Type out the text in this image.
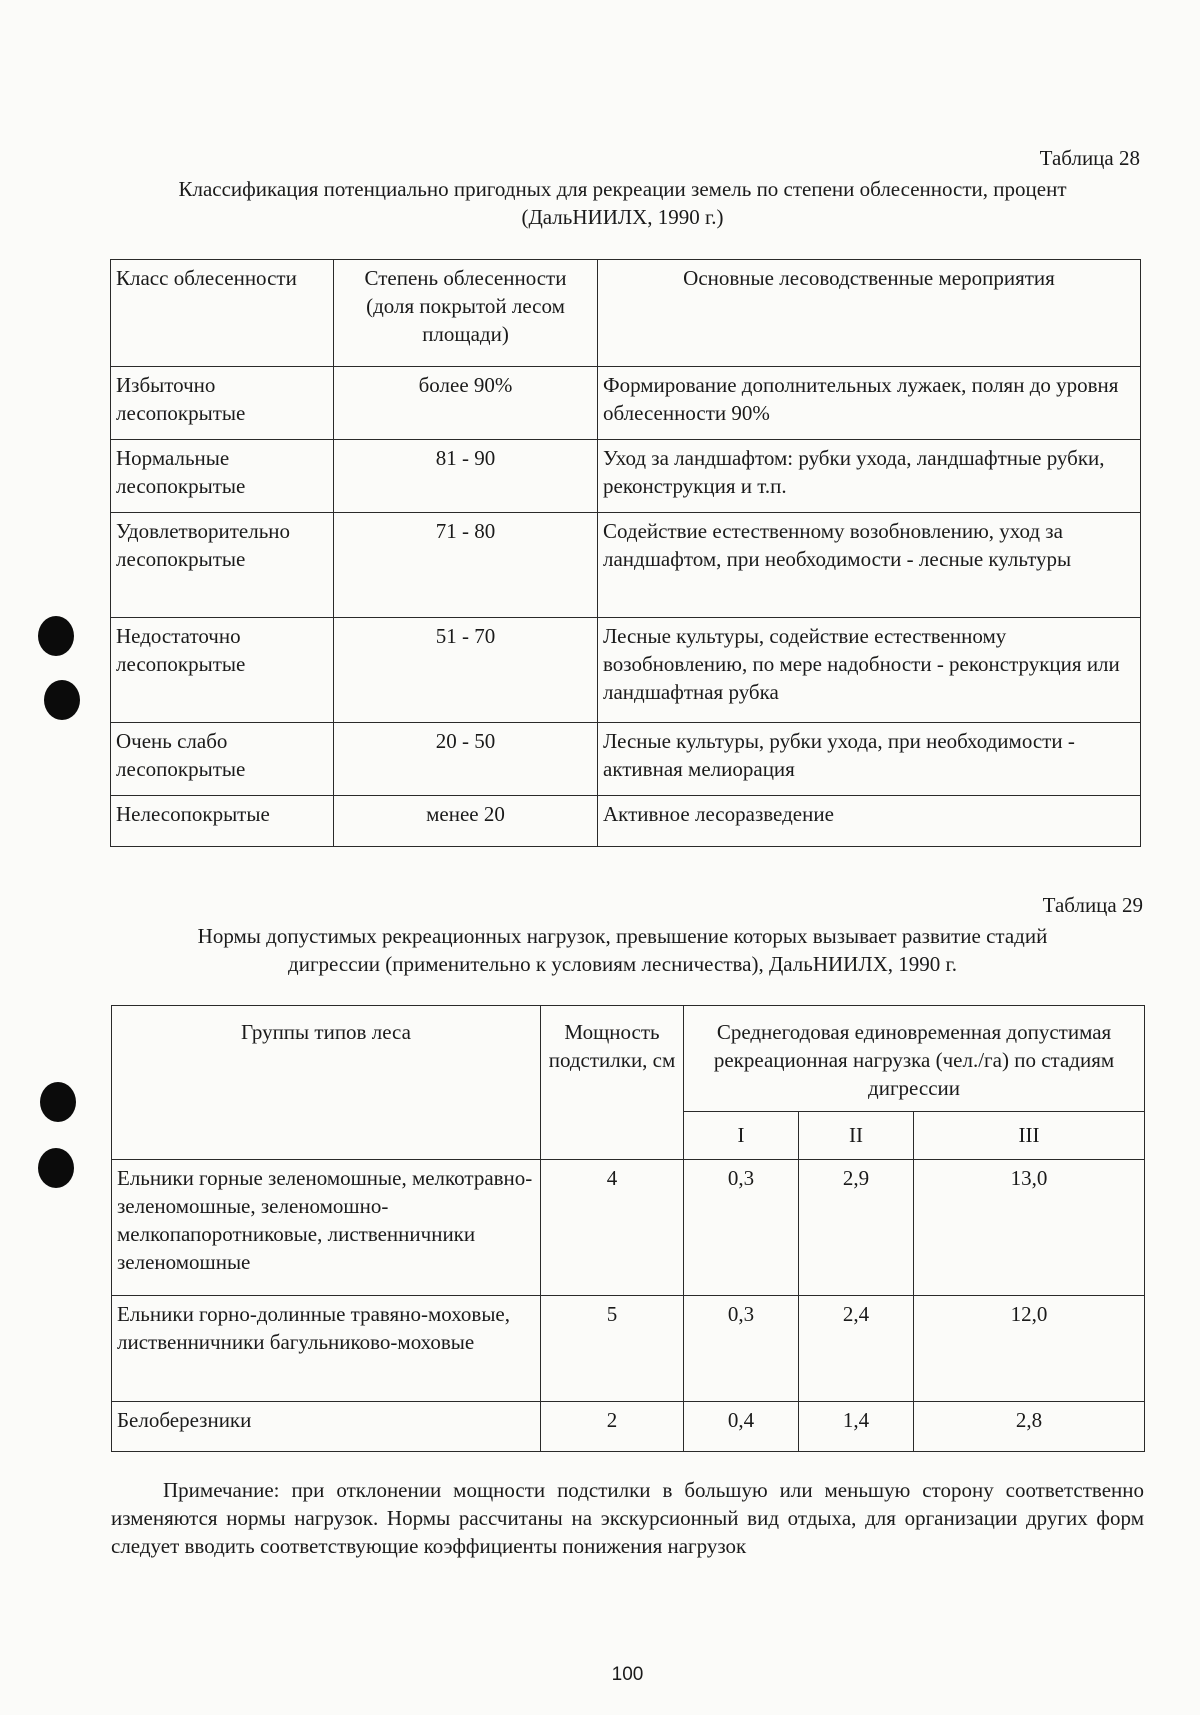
Таблица 28
Классификация потенциально пригодных для рекреации земель по степени облесенности, процент
(ДальНИИЛХ, 1990 г.)
Класс облесенности	Степень облесенности (доля покрытой лесом площади)	Основные лесоводственные мероприятия
Избыточно лесопокрытые	более 90%	Формирование дополнительных лужаек, полян до уровня облесенности 90%
Нормальные лесопокрытые	81 - 90	Уход за ландшафтом: рубки ухода, ландшафтные рубки, реконструкция и т.п.
Удовлетворительно лесопокрытые	71 - 80	Содействие естественному возобновлению, уход за ландшафтом, при необходимости - лесные культуры
Недостаточно лесопокрытые	51 - 70	Лесные культуры, содействие естественному возобновлению, по мере надобности - реконструкция или ландшафтная рубка
Очень слабо лесопокрытые	20 - 50	Лесные культуры, рубки ухода, при необходимости - активная мелиорация
Нелесопокрытые	менее 20	Активное лесоразведение
Таблица 29
Нормы допустимых рекреационных нагрузок, превышение которых вызывает развитие стадий
дигрессии (применительно к условиям лесничества), ДальНИИЛХ, 1990 г.
Группы типов леса	Мощность подстилки, см	Среднегодовая единовременная допустимая рекреационная нагрузка (чел./га) по стадиям дигрессии		
		I	II	III
Ельники горные зеленомошные, мелкотравно-зеленомошные, зеленомошно-мелкопапоротниковые, лиственничники зеленомошные	4	0,3	2,9	13,0
Ельники горно-долинные травяно-моховые, лиственничники багульниково-моховые	5	0,3	2,4	12,0
Белоберезники	2	0,4	1,4	2,8
Примечание: при отклонении мощности подстилки в большую или меньшую сторону соответственно изменяются нормы нагрузок. Нормы рассчитаны на экскурсионный вид отдыха, для организации других форм следует вводить соответствующие коэффициенты понижения нагрузок
100
